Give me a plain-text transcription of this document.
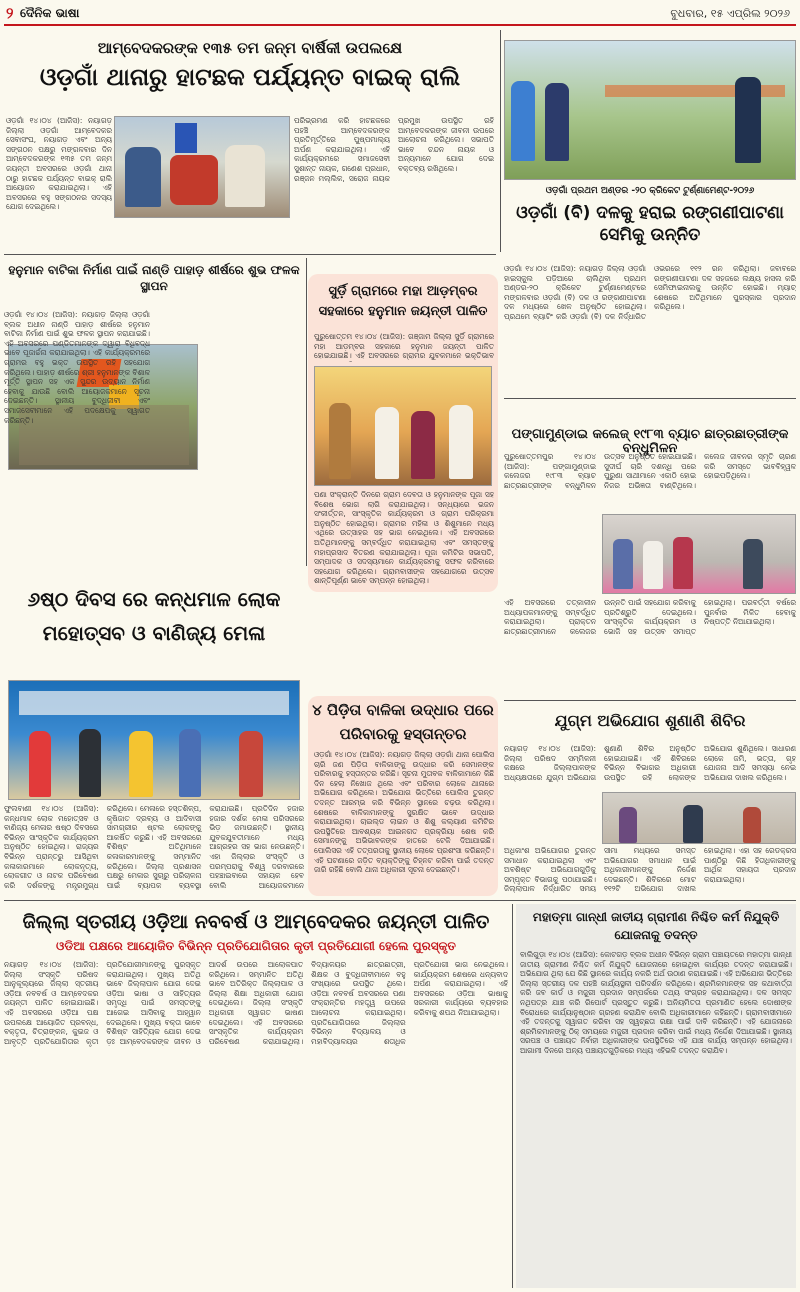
୨ ଦୈନିକ ଭାଷା	ବୁଧବାର, ୧୫ ଏପ୍ରିଲ ୨୦୨୬
ଆମ୍ବେଦକରଙ୍କ ୧୩୫ ତମ ଜନ୍ମ ବାର୍ଷିକୀ ଉପଲକ୍ଷେ
ଓଡ଼ଗାଁ ଥାନାରୁ ହାଟଛକ ପର୍ଯ୍ୟନ୍ତ ବାଇକ୍ ରାଲି
ଓଡ଼ଗାଁ ୧୪।୦୪ (ଆଜିସ): ନୟାଗଡ଼ ଜିଲ୍ଲା ଓଡ଼ଗାଁ ଆମ୍ବେଦକର ସେବାସଂଘ, ନୟାଗଡ଼ ଏବଂ ଅନ୍ୟ ସଙ୍ଗଠନ ପକ୍ଷରୁ ମଙ୍ଗଳବାର ଦିନ ଆମ୍ବେଦକରଙ୍କ ୧୩୫ ତମ ଜନ୍ମ ଜୟନ୍ତୀ ଅବସରରେ ଓଡ଼ଗାଁ ଥାନା ଠାରୁ ହାଟଛକ ପର୍ଯ୍ୟନ୍ତ ବାଇକ୍ ରାଲି ଆୟୋଜନ କରାଯାଇଥିଲା। ଏହି ଅବସରରେ ବହୁ ସଙ୍ଗଠନର ସଦସ୍ୟ ଯୋଗ ଦେଇଥିଲେ।
ପରିଭ୍ରମଣ କରି ହାଟଛକରେ ପହଞ୍ଚି ଆମ୍ବେଦକରଙ୍କ ପ୍ରତିମୂର୍ତ୍ତିରେ ପୁଷ୍ପମାଲ୍ୟ ଅର୍ପଣ କରାଯାଇଥିଲା। ଏହି କାର୍ଯ୍ୟକ୍ରମରେ ସମାଜସେବୀ ସୁଶାନ୍ତ ନାୟକ, ଗଣେଶ ପ୍ରଧାନ, ରଞ୍ଜନ ମଲ୍ଲିକ, ସରୋଜ ନାୟକ ପ୍ରମୁଖ ଉପସ୍ଥିତ ରହି ଆମ୍ବେଦକରଙ୍କ ଜୀବନୀ ଉପରେ ଆଲୋଚନା କରିଥିଲେ। ସଭାପତି ଭାବେ ଚନ୍ଦନ ନାୟକ ଓ ଅନ୍ୟମାନେ ଯୋଗ ଦେଇ ବକ୍ତବ୍ୟ ରଖିଥିଲେ।
ଓଡ଼ଗାଁ ପ୍ରଥମ ଅଣ୍ଡର -୨୦ କ୍ରିକେଟ ଟୁର୍ଣ୍ଣାମେଣ୍ଟ-୨୦୨୬
ଓଡ଼ଗାଁ (ବି) ଦଳକୁ ହରାଇ ରଙ୍ଗଣୀପାଟଣା ସେମିକୁ ଉନ୍ନିତ
ଓଡ଼ଗାଁ ୧୪।୦୪ (ଆଜିସ): ନୟାଗଡ଼ ଜିଲ୍ଲା ଓଡ଼ଗାଁ ହାଇସ୍କୁଲ ପଡ଼ିଆରେ ଚାଲିଥିବା ପ୍ରଥମ ଅଣ୍ଡର-୨୦ କ୍ରିକେଟ ଟୁର୍ଣ୍ଣାମେଣ୍ଟରେ ମଙ୍ଗଳବାର ଓଡ଼ଗାଁ (ବି) ଦଳ ଓ ରଙ୍ଗଣୀପାଟଣା ଦଳ ମଧ୍ୟରେ ଖେଳ ଅନୁଷ୍ଠିତ ହୋଇଥିଲା। ପ୍ରଥମେ ବ୍ୟାଟିଂ କରି ଓଡ଼ଗାଁ (ବି) ଦଳ ନିର୍ଦ୍ଧାରିତ ଓଭରରେ ୧୧୨ ରନ କରିଥିଲା। ଜବାବରେ ରଙ୍ଗଣୀପାଟଣା ଦଳ ସହଜରେ ଲକ୍ଷ୍ୟ ହାସଲ କରି ସେମିଫାଇନାଲକୁ ଉନ୍ନିତ ହୋଇଛି। ମ୍ୟାଚ୍ ଶେଷରେ ଅତିଥିମାନେ ପୁରସ୍କାର ପ୍ରଦାନ କରିଥିଲେ।
ହନୁମାନ ବାଟିକା ନିର୍ମାଣ ପାଇଁ ନାଣ୍ଡି ପାହାଡ଼ ଶୀର୍ଷରେ ଶୁଭ ଫଳକ ସ୍ଥାପନ
ଓଡ଼ଗାଁ ୧୪।୦୪ (ଆଜିସ): ନୟାଗଡ଼ ଜିଲ୍ଲା ଓଡ଼ଗାଁ ବ୍ଲକ ଅଧୀନ ନାଣ୍ଡି ପାହାଡ଼ ଶୀର୍ଷରେ ହନୁମାନ ବାଟିକା ନିର୍ମାଣ ପାଇଁ ଶୁଭ ଫଳକ ସ୍ଥାପନ କରାଯାଇଛି। ଏହି ଅବସରରେ ପଣ୍ଡିତମାନଙ୍କ ଦ୍ୱାରା ବିଧିବଦ୍ଧ ଭାବେ ପୂଜାର୍ଚ୍ଚନା କରାଯାଇଥିଲା। ଏହି କାର୍ଯ୍ୟକ୍ରମରେ ଗ୍ରାମର ବହୁ ଭକ୍ତ ଉପସ୍ଥିତ ରହି ସହଯୋଗ କରିଥିଲେ। ପାହାଡ଼ ଶୀର୍ଷରେ ଶ୍ରୀ ହନୁମାନଙ୍କ ବିଶାଳ ମୂର୍ତ୍ତି ସ୍ଥାପନ ସହ ଏକ ସୁନ୍ଦର ଉଦ୍ୟାନ ନିର୍ମାଣ ହେବାକୁ ଯାଉଛି ବୋଲି ଆୟୋଜକମାନେ ସୂଚନା ଦେଇଛନ୍ତି। ସ୍ଥାନୀୟ ବୁଦ୍ଧିଜୀବୀ ଏବଂ ସମାଜସେବୀମାନେ ଏହି ପଦକ୍ଷେପକୁ ସ୍ୱାଗତ କରିଛନ୍ତି।
ସୁର୍ଡ଼ି ଗ୍ରାମରେ ମହା ଆଡ଼ମ୍ବର ସହକାରେ ହନୁମାନ ଜୟନ୍ତୀ ପାଳିତ
ପୁରୁଷୋତ୍ତମ ୧୪।୦୪ (ଆଜିସ): ଗଞ୍ଜାମ ଜିଲ୍ଲା ସୁର୍ଡ଼ି ଗ୍ରାମରେ ମହା ଆଡ଼ମ୍ବର ସହକାରେ ହନୁମାନ ଜୟନ୍ତୀ ପାଳିତ ହୋଇଯାଇଛି। ଏହି ଅବସରରେ ଗ୍ରାମର ଯୁବକମାନେ ଭକ୍ତିଭାବ
ପଣା ସଂକ୍ରାନ୍ତି ଦିନରେ ଗ୍ରାମ ଦେବତା ଓ ହନୁମାନଙ୍କ ପୂଜା ସହ ବିଶେଷ ଭୋଗ ଲାଗି କରାଯାଇଥିଲା। ସନ୍ଧ୍ୟାରେ ଭଜନ ସଂକୀର୍ତ୍ତନ, ସାଂସ୍କୃତିକ କାର୍ଯ୍ୟକ୍ରମ ଓ ଗ୍ରାମ ପରିକ୍ରମା ଅନୁଷ୍ଠିତ ହୋଇଥିଲା। ଗ୍ରାମର ମହିଳା ଓ ଶିଶୁମାନେ ମଧ୍ୟ ଏଥିରେ ଉତ୍ସାହର ସହ ଭାଗ ନେଇଥିଲେ। ଏହି ଅବସରରେ ଅତିଥିମାନଙ୍କୁ ସମ୍ବର୍ଦ୍ଧିତ କରାଯାଇଥିଲା ଏବଂ ସମସ୍ତଙ୍କୁ ମହାପ୍ରସାଦ ବିତରଣ କରାଯାଇଥିଲା। ପୂଜା କମିଟିର ସଭାପତି, ସମ୍ପାଦକ ଓ ସଦସ୍ୟମାନେ କାର୍ଯ୍ୟକ୍ରମକୁ ସଫଳ କରିବାରେ ସହଯୋଗ କରିଥିଲେ। ଗ୍ରାମବାସୀଙ୍କ ସହଯୋଗରେ ଉତ୍ସବ ଶାନ୍ତିପୂର୍ଣ୍ଣ ଭାବେ ସମ୍ପନ୍ନ ହୋଇଥିଲା।
ପଙ୍ଗାମୁଣ୍ଡାଇ କଲେଜ୍ ୧୯୮୩ ବ୍ୟାଚ ଛାତ୍ରଛାତ୍ରୀଙ୍କ ବନ୍ଧୁମିଳନ
ପୁରୁଷୋତ୍ତମପୁର ୧୪।୦୪ (ଆଜିସ): ପଙ୍ଗାମୁଣ୍ଡାଇ କଲେଜର ୧୯୮୩ ବ୍ୟାଚ ଛାତ୍ରଛାତ୍ରୀଙ୍କ ବନ୍ଧୁମିଳନ ଉତ୍ସବ ଅନୁଷ୍ଠିତ ହୋଇଯାଇଛି। ସୁଦୀର୍ଘ ଚାରି ଦଶନ୍ଧି ପରେ ପୁରୁଣା ସାଥୀମାନେ ଏକାଠି ହୋଇ ନିଜର ଅଭିଜ୍ଞତା ବାଣ୍ଟିଥିଲେ। କଲେଜ ଜୀବନର ସ୍ମୃତି ଚାରଣ କରି ସମସ୍ତେ ଭାବବିହ୍ୱଳ ହୋଇପଡ଼ିଥିଲେ।
ଏହି ଅବସରରେ ତତ୍କାଳୀନ ଅଧ୍ୟାପକମାନଙ୍କୁ ସମ୍ବର୍ଦ୍ଧିତ କରାଯାଇଥିଲା। ପ୍ରାକ୍ତନ ଛାତ୍ରଛାତ୍ରୀମାନେ କଲେଜର ଉନ୍ନତି ପାଇଁ ସହଯୋଗ କରିବାକୁ ପ୍ରତିଶ୍ରୁତି ଦେଇଥିଲେ। ସାଂସ୍କୃତିକ କାର୍ଯ୍ୟକ୍ରମ ଓ ଭୋଜି ସହ ଉତ୍ସବ ସମାପ୍ତ ହୋଇଥିଲା। ପରବର୍ତ୍ତୀ ବର୍ଷରେ ପୁନର୍ବାର ମିଳିତ ହେବାକୁ ନିଷ୍ପତ୍ତି ନିଆଯାଇଥିଲା।
୬ଷ୍ଠ ଦିବସ ରେ କନ୍ଧମାଳ ଲୋକ ମହୋତ୍ସବ ଓ ବାଣିଜ୍ୟ ମେଳା
ଫୁଲବାଣୀ ୧୪।୦୪ (ଆଜିସ): କନ୍ଧମାଳ ଲୋକ ମହୋତ୍ସବ ଓ ବାଣିଜ୍ୟ ମେଳାର ଷଷ୍ଠ ଦିବସରେ ବିଭିନ୍ନ ସାଂସ୍କୃତିକ କାର୍ଯ୍ୟକ୍ରମ ଅନୁଷ୍ଠିତ ହୋଇଥିଲା। ରାଜ୍ୟର ବିଭିନ୍ନ ପ୍ରାନ୍ତରୁ ଆସିଥିବା କଳାକାରମାନେ ଲୋକନୃତ୍ୟ, ଲୋକଗୀତ ଓ ନାଟକ ପରିବେଷଣ କରି ଦର୍ଶକଙ୍କୁ ମନ୍ତ୍ରମୁଗ୍ଧ କରିଥିଲେ। ମେଳାରେ ହସ୍ତଶିଳ୍ପ, କୃଷିଜାତ ଦ୍ରବ୍ୟ ଓ ଆଦିବାସୀ ସାମଗ୍ରୀର ଷ୍ଟଲ ଲୋକଙ୍କୁ ଆକର୍ଷିତ କରୁଛି। ଏହି ଅବସରରେ ବିଶିଷ୍ଟ ଅତିଥିମାନେ କଳାକାରମାନଙ୍କୁ ସମ୍ମାନିତ କରିଥିଲେ। ଜିଲ୍ଲା ପ୍ରଶାସନ ପକ୍ଷରୁ ମେଳାର ସୁଚାରୁ ପରିଚାଳନା ପାଇଁ ବ୍ୟାପକ ବ୍ୟବସ୍ଥା କରାଯାଇଛି। ପ୍ରତିଦିନ ହଜାର ହଜାର ଦର୍ଶକ ମେଳା ପରିସରରେ ଭିଡ଼ ଜମାଉଛନ୍ତି। ସ୍ଥାନୀୟ ଯୁବକଯୁବତୀମାନେ ମଧ୍ୟ ଆଗ୍ରହର ସହ ଭାଗ ନେଉଛନ୍ତି। ଏହା ଜିଲ୍ଲାର ସଂସ୍କୃତି ଓ ପରମ୍ପରାକୁ ବିଶ୍ୱ ଦରବାରରେ ପହଞ୍ଚାଇବାରେ ସହାୟକ ହେବ ବୋଲି ଆୟୋଜକମାନେ
୪ ପିଡ଼ିତା ବାଳିକା ଉଦ୍ଧାର ପରେ ପରିବାରକୁ ହସ୍ତାନ୍ତର
ଓଡ଼ଗାଁ ୧୪।୦୪ (ଆଜିସ): ନୟାଗଡ଼ ଜିଲ୍ଲା ଓଡ଼ଗାଁ ଥାନା ପୋଲିସ ଚାରି ଜଣ ପିଡ଼ିତା ବାଳିକାଙ୍କୁ ଉଦ୍ଧାର କରି ସେମାନଙ୍କ ପରିବାରକୁ ହସ୍ତାନ୍ତର କରିଛି। ସୂଚନା ମୁତାବକ ବାଳିକାମାନେ କିଛି ଦିନ ହେଲା ନିଖୋଜ ଥିଲେ ଏବଂ ପରିବାର ଲୋକେ ଥାନାରେ ଅଭିଯୋଗ କରିଥିଲେ। ଅଭିଯୋଗ ଭିତ୍ତିରେ ପୋଲିସ ତୁରନ୍ତ ତଦନ୍ତ ଆରମ୍ଭ କରି ବିଭିନ୍ନ ସ୍ଥାନରେ ଚଢ଼ଉ କରିଥିଲା। ଶେଷରେ ବାଳିକାମାନଙ୍କୁ ସୁରକ୍ଷିତ ଭାବେ ଉଦ୍ଧାର କରାଯାଇଥିଲା। ଚାଇଲ୍ଡ ଲାଇନ ଓ ଶିଶୁ କଲ୍ୟାଣ କମିଟିର ଉପସ୍ଥିତିରେ ଆବଶ୍ୟକ ଆଇନଗତ ପ୍ରକ୍ରିୟା ଶେଷ କରି ସେମାନଙ୍କୁ ଅଭିଭାବକଙ୍କ ହାତରେ ଟେକି ଦିଆଯାଇଛି। ପୋଲିସର ଏହି ତତ୍ପରତାକୁ ସ୍ଥାନୀୟ ଲୋକେ ପ୍ରଶଂସା କରିଛନ୍ତି। ଏହି ଘଟଣାରେ ଜଡ଼ିତ ବ୍ୟକ୍ତିଙ୍କୁ ଚିହ୍ନଟ କରିବା ପାଇଁ ତଦନ୍ତ ଜାରି ରହିଛି ବୋଲି ଥାନା ଅଧିକାରୀ ସୂଚନା ଦେଇଛନ୍ତି।
ଯୁଗ୍ମ ଅଭିଯୋଗ ଶୁଣାଣି ଶିବିର
ନୟାଗଡ଼ ୧୪।୦୪ (ଆଜିସ): ଜିଲ୍ଲା ପରିଷଦ ସମ୍ମିଳନୀ କକ୍ଷରେ ଜିଲ୍ଲାପାଳଙ୍କ ଅଧ୍ୟକ୍ଷତାରେ ଯୁଗ୍ମ ଅଭିଯୋଗ ଶୁଣାଣି ଶିବିର ଅନୁଷ୍ଠିତ ହୋଇଯାଇଛି। ଏହି ଶିବିରରେ ବିଭିନ୍ନ ବିଭାଗର ଅଧିକାରୀ ଉପସ୍ଥିତ ରହି ଲୋକଙ୍କ ଅଭିଯୋଗ ଶୁଣିଥିଲେ। ସାଧାରଣ ଲୋକେ ଜମି, ଭତ୍ତା, ଗୃହ ଯୋଜନା ଆଦି ସମସ୍ୟା ନେଇ ଅଭିଯୋଗ ଦାଖଲ କରିଥିଲେ।
ଅଧିକାଂଶ ଅଭିଯୋଗର ତୁରନ୍ତ ସମାଧାନ କରାଯାଇଥିଲା ଏବଂ ଅବଶିଷ୍ଟ ଅଭିଯୋଗଗୁଡ଼ିକୁ ସମ୍ପୃକ୍ତ ବିଭାଗକୁ ପଠାଯାଇଛି। ଜିଲ୍ଲାପାଳ ନିର୍ଦ୍ଧାରିତ ସମୟ ସୀମା ମଧ୍ୟରେ ସମସ୍ତ ଅଭିଯୋଗର ସମାଧାନ ପାଇଁ ଅଧିକାରୀମାନଙ୍କୁ ନିର୍ଦ୍ଦେଶ ଦେଇଛନ୍ତି। ଶିବିରରେ ମୋଟ ୧୧୨ଟି ଅଭିଯୋଗ ଦାଖଲ ହୋଇଥିଲା। ଏହା ସହ ରେଡକ୍ରସ ପାଣ୍ଠିରୁ କିଛି ହିତାଧିକାରୀଙ୍କୁ ଆର୍ଥିକ ସହାୟତା ପ୍ରଦାନ କରାଯାଇଥିଲା।
ଜିଲ୍ଲା ସ୍ତରୀୟ ଓଡ଼ିଆ ନବବର୍ଷ ଓ ଆମ୍ବେଦକର ଜୟନ୍ତୀ ପାଳିତ
ଓଡିଆ ପକ୍ଷରେ ଆୟୋଜିତ ବିଭିନ୍ନ ପ୍ରତିଯୋଗିତାର କୃତୀ ପ୍ରତିଯୋଗୀ ହେଲେ ପୁରସ୍କୃତ
ନୟାଗଡ଼ ୧୪।୦୪ (ଆଜିସ): ଜିଲ୍ଲା ସଂସ୍କୃତି ପରିଷଦ ଆନୁକୂଲ୍ୟରେ ଜିଲ୍ଲା ସ୍ତରୀୟ ଓଡ଼ିଆ ନବବର୍ଷ ଓ ଆମ୍ବେଦକର ଜୟନ୍ତୀ ପାଳିତ ହୋଇଯାଇଛି। ଏହି ଅବସରରେ ଓଡ଼ିଆ ପକ୍ଷ ଉପଲକ୍ଷେ ଆୟୋଜିତ ପ୍ରବନ୍ଧ, ବକ୍ତୃତା, ଚିତ୍ରାଙ୍କନ, କୁଇଜ ଓ ଆବୃତ୍ତି ପ୍ରତିଯୋଗିତାର କୃତୀ ପ୍ରତିଯୋଗୀମାନଙ୍କୁ ପୁରସ୍କୃତ କରାଯାଇଥିଲା। ମୁଖ୍ୟ ଅତିଥି ଭାବେ ଜିଲ୍ଲାପାଳ ଯୋଗ ଦେଇ ଓଡ଼ିଆ ଭାଷା ଓ ସାହିତ୍ୟର ସମୃଦ୍ଧି ପାଇଁ ସମସ୍ତଙ୍କୁ ଆଗେଇ ଆସିବାକୁ ଆହ୍ୱାନ ଦେଇଥିଲେ। ମୁଖ୍ୟ ବକ୍ତା ଭାବେ ବିଶିଷ୍ଟ ସାହିତ୍ୟିକ ଯୋଗ ଦେଇ ଡ଼ଃ ଆମ୍ବେଦକରଙ୍କ ଜୀବନ ଓ ଆଦର୍ଶ ଉପରେ ଆଲୋକପାତ କରିଥିଲେ। ସମ୍ମାନିତ ଅତିଥି ଭାବେ ଅତିରିକ୍ତ ଜିଲ୍ଲାପାଳ ଓ ଜିଲ୍ଲା ଶିକ୍ଷା ଅଧିକାରୀ ଯୋଗ ଦେଇଥିଲେ। ଜିଲ୍ଲା ସଂସ୍କୃତି ଅଧିକାରୀ ସ୍ୱାଗତ ଭାଷଣ ଦେଇଥିଲେ। ଏହି ଅବସରରେ ସାଂସ୍କୃତିକ କାର୍ଯ୍ୟକ୍ରମ ପରିବେଷଣ କରାଯାଇଥିଲା। ବିଦ୍ୟାଳୟର ଛାତ୍ରଛାତ୍ରୀ, ଶିକ୍ଷକ ଓ ବୁଦ୍ଧିଜୀବୀମାନେ ବହୁ ସଂଖ୍ୟାରେ ଉପସ୍ଥିତ ଥିଲେ। ଓଡ଼ିଆ ନବବର୍ଷ ଅବସରରେ ପଣା ସଂକ୍ରାନ୍ତିର ମହତ୍ତ୍ୱ ଉପରେ ଆଲୋଚନା କରାଯାଇଥିଲା। ପ୍ରତିଯୋଗିତାରେ ଜିଲ୍ଲାର ବିଭିନ୍ନ ବିଦ୍ୟାଳୟ ଓ ମହାବିଦ୍ୟାଳୟର ଶତାଧିକ ପ୍ରତିଯୋଗୀ ଭାଗ ନେଇଥିଲେ। କାର୍ଯ୍ୟକ୍ରମ ଶେଷରେ ଧନ୍ୟବାଦ ଅର୍ପଣ କରାଯାଇଥିଲା। ଏହି ଅବସରରେ ଓଡ଼ିଆ ଭାଷାକୁ ସରକାରୀ କାର୍ଯ୍ୟରେ ବ୍ୟବହାର କରିବାକୁ ଶପଥ ନିଆଯାଇଥିଲା।
ମହାତ୍ମା ଗାନ୍ଧୀ ଜାତୀୟ ଗ୍ରାମୀଣ ନିଶ୍ଚିତ କର୍ମ ନିଯୁକ୍ତି ଯୋଜନାକୁ ତଦନ୍ତ
ବାଲିଗୁଡ଼ା ୧୪।୦୪ (ଆଜିସ): କୋଟଗଡ଼ ବ୍ଲକ ଅଧୀନ ବିଭିନ୍ନ ଗ୍ରାମ ପଞ୍ଚାୟତରେ ମହାତ୍ମା ଗାନ୍ଧୀ ଜାତୀୟ ଗ୍ରାମୀଣ ନିଶ୍ଚିତ କର୍ମ ନିଯୁକ୍ତି ଯୋଜନାରେ ହୋଇଥିବା କାର୍ଯ୍ୟର ତଦନ୍ତ କରାଯାଇଛି। ଅଭିଯୋଗ ଥିଲା ଯେ କିଛି ସ୍ଥାନରେ କାର୍ଯ୍ୟ ନକରି ଅର୍ଥ ଉଠାଣ କରାଯାଇଛି। ଏହି ଅଭିଯୋଗ ଭିତ୍ତିରେ ଜିଲ୍ଲା ସ୍ତରୀୟ ଦଳ ପହଞ୍ଚି କାର୍ଯ୍ୟସ୍ଥଳୀ ପରିଦର୍ଶନ କରିଥିଲେ। ଶ୍ରମିକମାନଙ୍କ ସହ କଥାବାର୍ତ୍ତା କରି ଜବ କାର୍ଡ ଓ ମଜୁରୀ ପ୍ରଦାନ ସମ୍ପର୍କରେ ତଥ୍ୟ ସଂଗ୍ରହ କରାଯାଇଥିଲା। ଦଳ ସମସ୍ତ ନଥିପତ୍ର ଯାଞ୍ଚ କରି ରିପୋର୍ଟ ପ୍ରସ୍ତୁତ କରୁଛି। ଅନିୟମିତତା ପ୍ରମାଣିତ ହେଲେ ଦୋଷୀଙ୍କ ବିରୋଧରେ କାର୍ଯ୍ୟାନୁଷ୍ଠାନ ଗ୍ରହଣ କରାଯିବ ବୋଲି ଅଧିକାରୀମାନେ କହିଛନ୍ତି। ଗ୍ରାମବାସୀମାନେ ଏହି ତଦନ୍ତକୁ ସ୍ୱାଗତ କରିବା ସହ ସ୍ୱଚ୍ଛତା ରକ୍ଷା ପାଇଁ ଦାବି କରିଛନ୍ତି। ଏହି ଯୋଜନାରେ ଶ୍ରମିକମାନଙ୍କୁ ଠିକ୍ ସମୟରେ ମଜୁରୀ ପ୍ରଦାନ କରିବା ପାଇଁ ମଧ୍ୟ ନିର୍ଦ୍ଦେଶ ଦିଆଯାଇଛି। ସ୍ଥାନୀୟ ସରପଞ୍ଚ ଓ ପଞ୍ଚାୟତ ନିର୍ବାହୀ ଅଧିକାରୀଙ୍କ ଉପସ୍ଥିତିରେ ଏହି ଯାଞ୍ଚ କାର୍ଯ୍ୟ ସମ୍ପନ୍ନ ହୋଇଥିଲା। ଆଗାମୀ ଦିନରେ ଅନ୍ୟ ପଞ୍ଚାୟତଗୁଡ଼ିକରେ ମଧ୍ୟ ଏହିଭଳି ତଦନ୍ତ କରାଯିବ।
